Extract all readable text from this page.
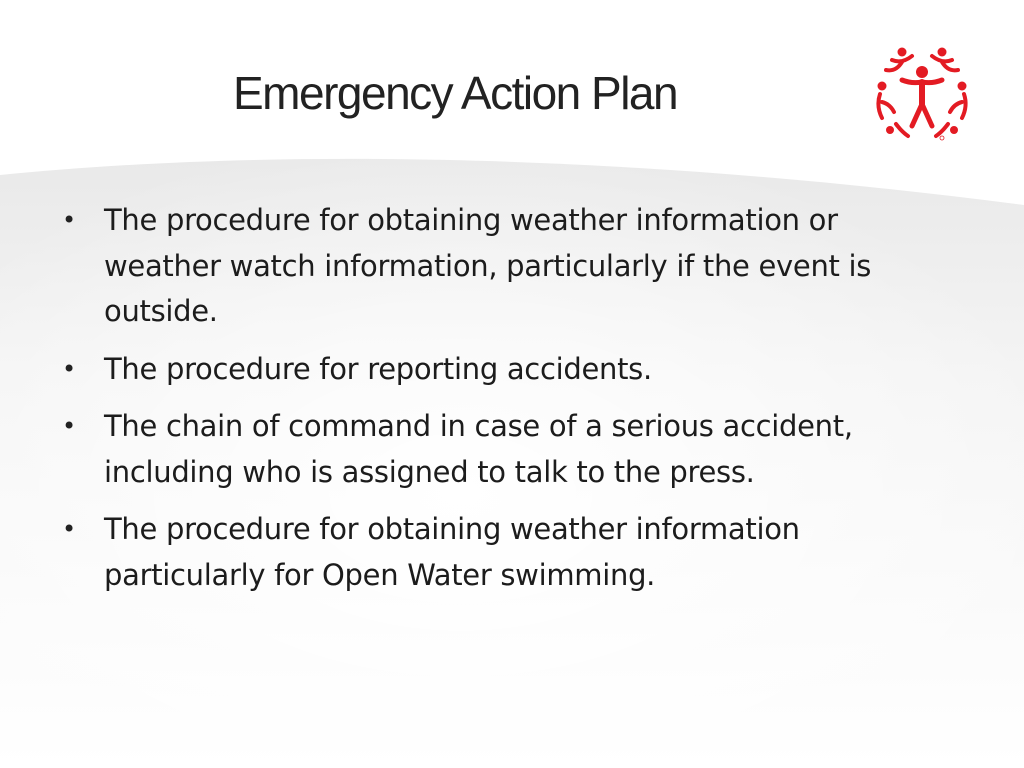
Emergency Action Plan
• The procedure for obtaining weather information or weather watch information, particularly if the event is outside.
• The procedure for reporting accidents.
• The chain of command in case of a serious accident, including who is assigned to talk to the press.
• The procedure for obtaining weather information particularly for Open Water swimming.
